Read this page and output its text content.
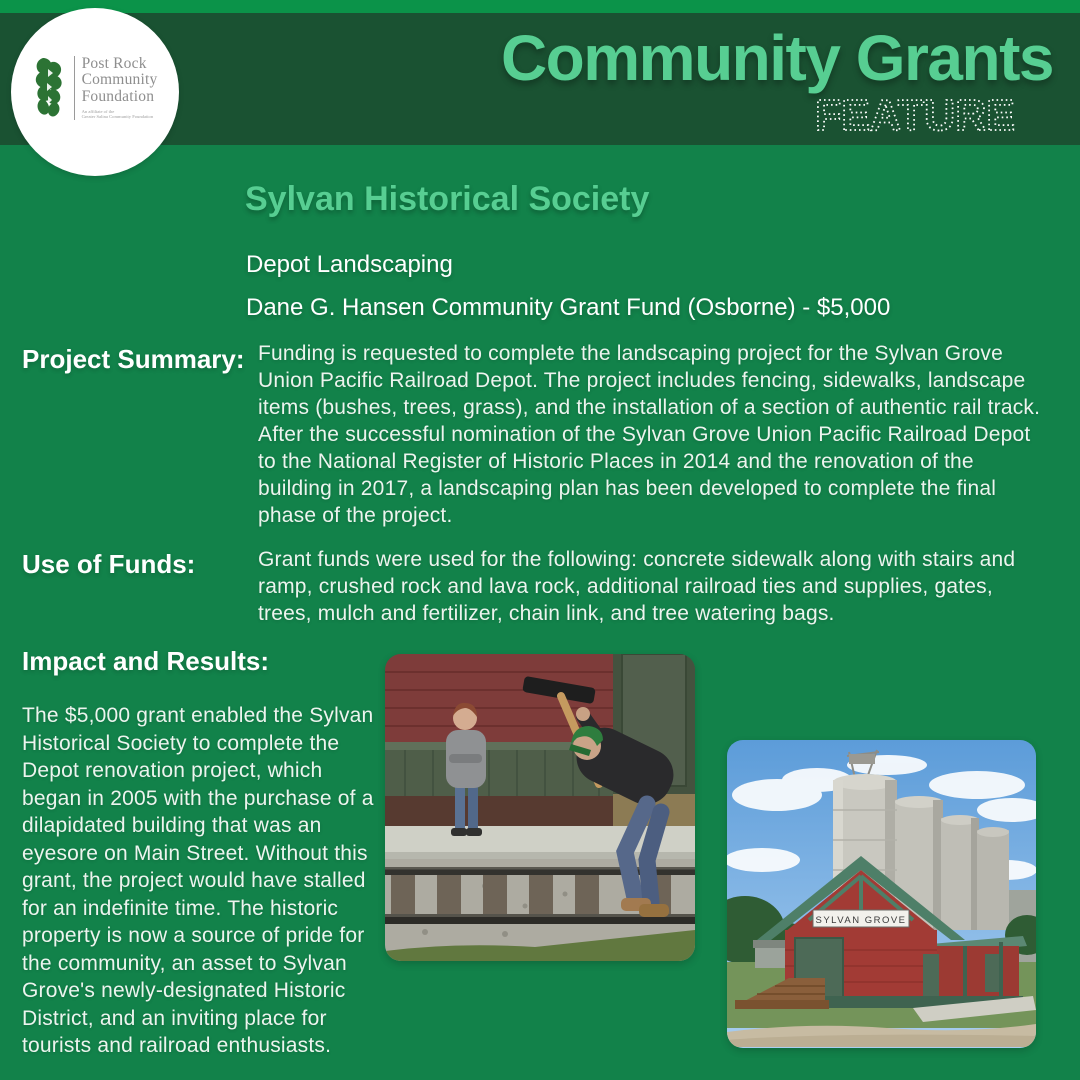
Post Rock
Community
Foundation
An affiliate of the
Greater Salina Community Foundation
Community Grants
FEATURE
Sylvan Historical Society
Depot Landscaping
Dane G. Hansen Community Grant Fund (Osborne) - $5,000
Project Summary: Funding is requested to complete the landscaping project for the Sylvan Grove Union Pacific Railroad Depot. The project includes fencing, sidewalks, landscape items (bushes, trees, grass), and the installation of a section of authentic rail track. After the successful nomination of the Sylvan Grove Union Pacific Railroad Depot to the National Register of Historic Places in 2014 and the renovation of the building in 2017, a landscaping plan has been developed to complete the final phase of the project.
Use of Funds:	Grant funds were used for the following: concrete sidewalk along with stairs and ramp, crushed rock and lava rock, additional railroad ties and supplies, gates, trees, mulch and fertilizer, chain link, and tree watering bags.
Impact and Results:
The $5,000 grant enabled the Sylvan Historical Society to complete the Depot renovation project, which began in 2005 with the purchase of a dilapidated building that was an eyesore on Main Street. Without this grant, the project would have stalled for an indefinite time. The historic property is now a source of pride for the community, an asset to Sylvan Grove's newly-designated Historic District, and an inviting place for tourists and railroad enthusiasts.
SYLVAN GROVE
